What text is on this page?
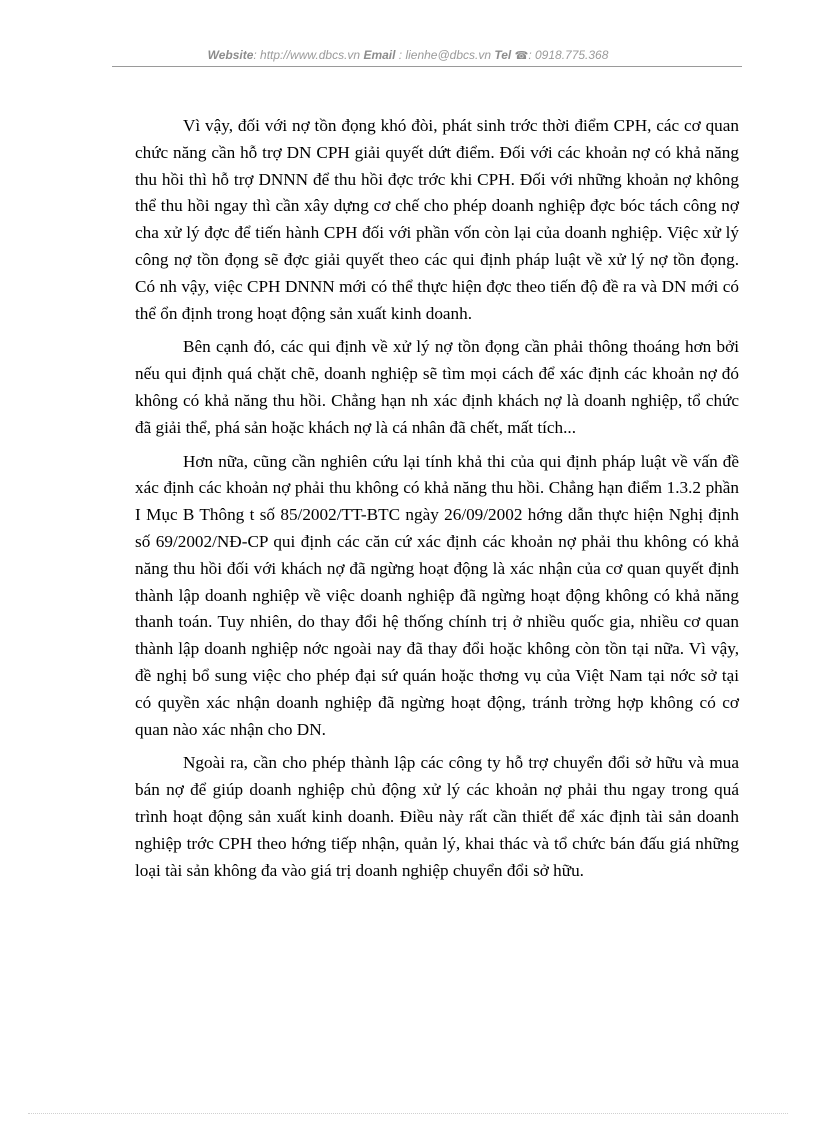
Website: http://www.dbcs.vn Email : lienhe@dbcs.vn Tel ☎: 0918.775.368

Vì vậy, đối với nợ tồn đọng khó đòi, phát sinh trớc thời điểm CPH, các cơ quan chức năng cần hỗ trợ DN CPH giải quyết dứt điểm. Đối với các khoản nợ có khả năng thu hồi thì hỗ trợ DNNN để thu hồi đợc trớc khi CPH. Đối với những khoản nợ không thể thu hồi ngay thì cần xây dựng cơ chế cho phép doanh nghiệp đợc bóc tách công nợ cha xử lý đợc để tiến hành CPH đối với phần vốn còn lại của doanh nghiệp. Việc xử lý công nợ tồn đọng sẽ đợc giải quyết theo các qui định pháp luật về xử lý nợ tồn đọng. Có nh vậy, việc CPH DNNN mới có thể thực hiện đợc theo tiến độ đề ra và DN mới có thể ổn định trong hoạt động sản xuất kinh doanh.

Bên cạnh đó, các qui định về xử lý nợ tồn đọng cần phải thông thoáng hơn bởi nếu qui định quá chặt chẽ, doanh nghiệp sẽ tìm mọi cách để xác định các khoản nợ đó không có khả năng thu hồi. Chẳng hạn nh xác định khách nợ là doanh nghiệp, tổ chức đã giải thể, phá sản hoặc khách nợ là cá nhân đã chết, mất tích...

Hơn nữa, cũng cần nghiên cứu lại tính khả thi của qui định pháp luật về vấn đề xác định các khoản nợ phải thu không có khả năng thu hồi. Chẳng hạn điểm 1.3.2 phần I Mục B Thông t số 85/2002/TT-BTC ngày 26/09/2002 hớng dẫn thực hiện Nghị định số 69/2002/NĐ-CP qui định các căn cứ xác định các khoản nợ phải thu không có khả năng thu hồi đối với khách nợ đã ngừng hoạt động là xác nhận của cơ quan quyết định thành lập doanh nghiệp về việc doanh nghiệp đã ngừng hoạt động không có khả năng thanh toán. Tuy nhiên, do thay đổi hệ thống chính trị ở nhiều quốc gia, nhiều cơ quan thành lập doanh nghiệp nớc ngoài nay đã thay đổi hoặc không còn tồn tại nữa. Vì vậy, đề nghị bổ sung việc cho phép đại sứ quán hoặc thơng vụ của Việt Nam tại nớc sở tại có quyền xác nhận doanh nghiệp đã ngừng hoạt động, tránh trờng hợp không có cơ quan nào xác nhận cho DN.

Ngoài ra, cần cho phép thành lập các công ty hỗ trợ chuyển đổi sở hữu và mua bán nợ để giúp doanh nghiệp chủ động xử lý các khoản nợ phải thu ngay trong quá trình hoạt động sản xuất kinh doanh. Điều này rất cần thiết để xác định tài sản doanh nghiệp trớc CPH theo hớng tiếp nhận, quản lý, khai thác và tổ chức bán đấu giá những loại tài sản không đa vào giá trị doanh nghiệp chuyển đổi sở hữu.
